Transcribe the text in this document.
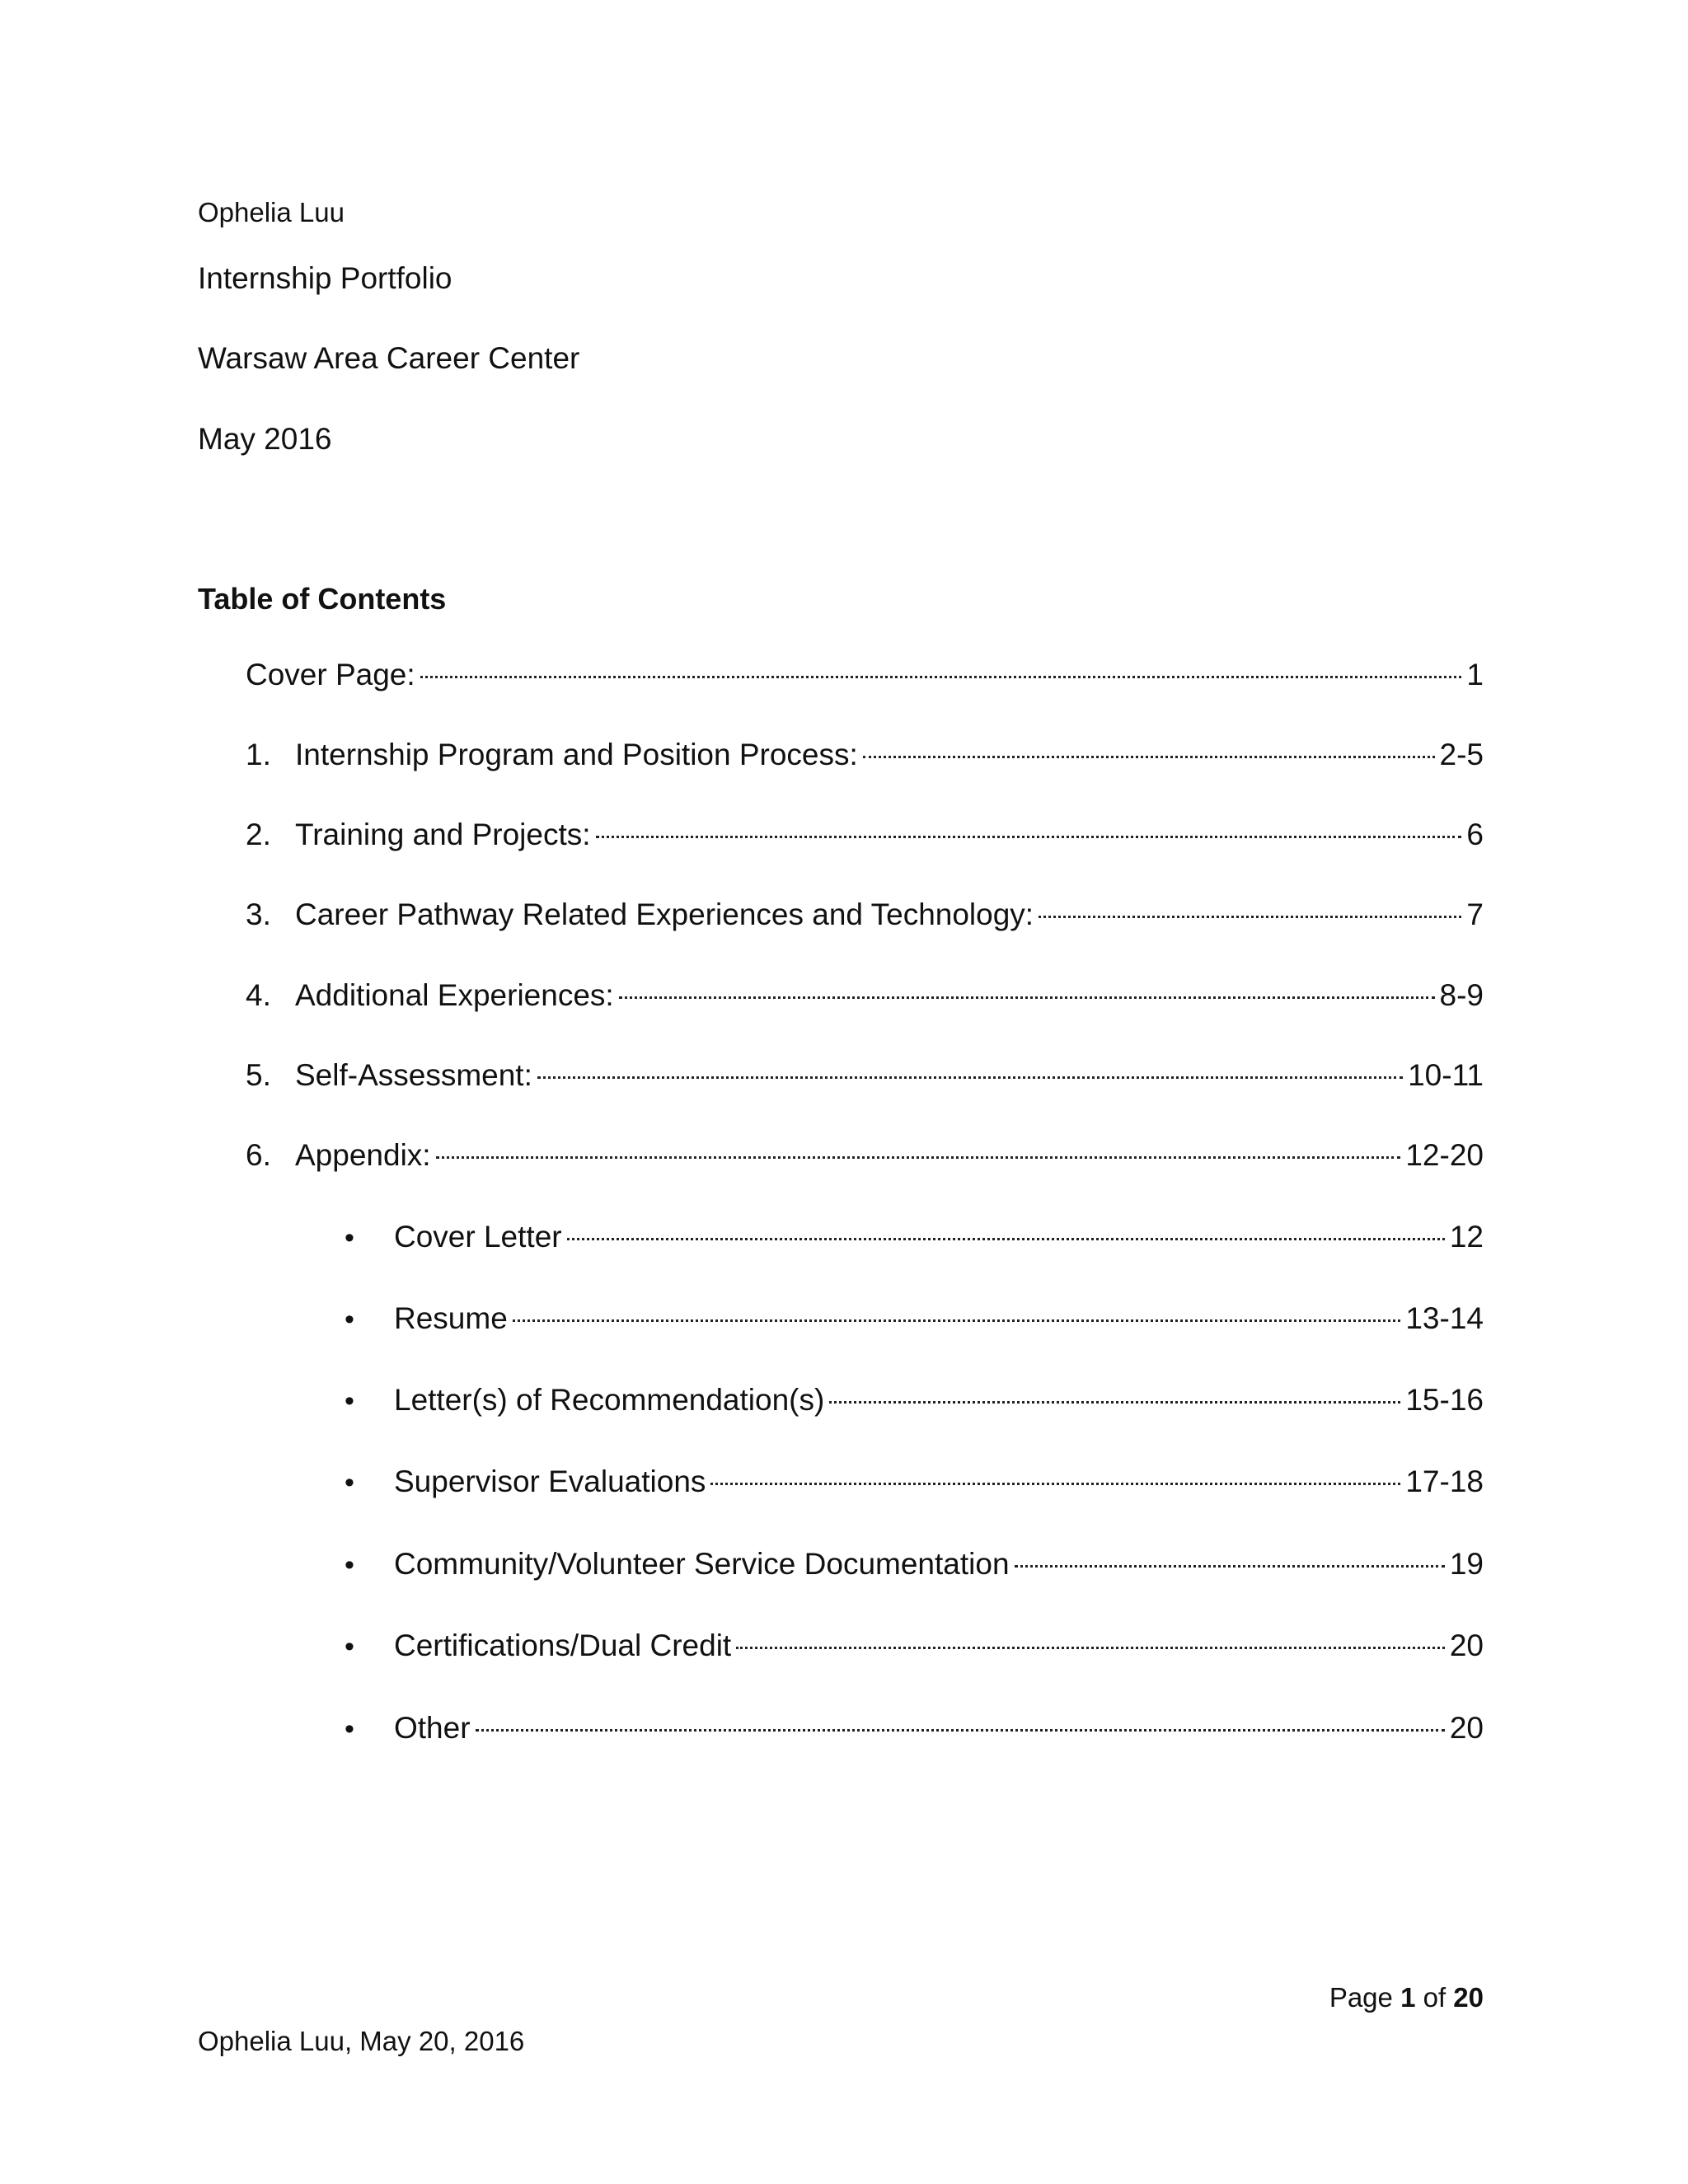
Ophelia Luu
Internship Portfolio
Warsaw Area Career Center
May 2016
Table of Contents
Cover Page:	1
1. Internship Program and Position Process:	2-5
2. Training and Projects:	6
3. Career Pathway Related Experiences and Technology:	7
4. Additional Experiences:	8-9
5. Self-Assessment:	10-11
6. Appendix:	12-20
•	Cover Letter	12
•	Resume	13-14
•	Letter(s) of Recommendation(s)	15-16
•	Supervisor Evaluations	17-18
•	Community/Volunteer Service Documentation	19
•	Certifications/Dual Credit	20
•	Other	20
Page 1 of 20
Ophelia Luu, May 20, 2016
